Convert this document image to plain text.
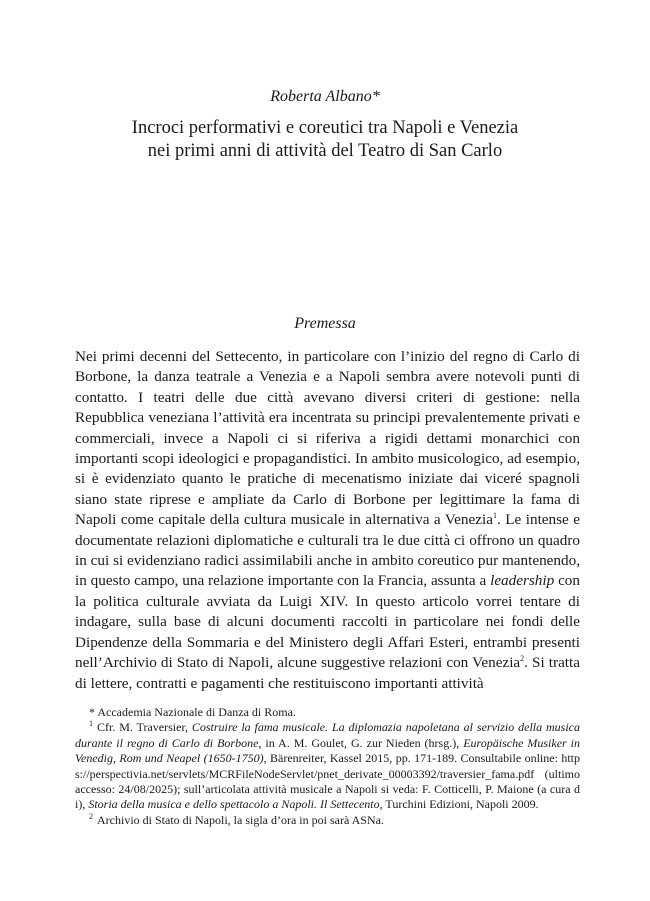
Roberta Albano*
Incroci performativi e coreutici tra Napoli e Venezia
nei primi anni di attività del Teatro di San Carlo
Premessa

Nei primi decenni del Settecento, in particolare con l’inizio del regno di Carlo di Borbone, la danza teatrale a Venezia e a Napoli sembra avere notevoli punti di contatto. I teatri delle due città avevano diversi criteri di gestione: nella Repubblica veneziana l’attività era incentrata su principi prevalentemente privati e commerciali, invece a Napoli ci si riferiva a rigidi dettami monarchici con importanti scopi ideologici e propagandistici. In ambito musicologico, ad esempio, si è evidenziato quanto le pratiche di mecenatismo iniziate dai viceré spagnoli siano state riprese e ampliate da Carlo di Borbone per legittimare la fama di Napoli come capitale della cultura musicale in alternativa a Venezia$^1$. Le intense e documentate relazioni diplomatiche e culturali tra le due città ci offrono un quadro in cui si evidenziano radici assimilabili anche in ambito coreutico pur mantenendo, in questo campo, una relazione importante con la Francia, assunta a leadership con la politica culturale avviata da Luigi XIV. In questo articolo vorrei tentare di indagare, sulla base di alcuni documenti raccolti in particolare nei fondi delle Dipendenze della Sommaria e del Ministero degli Affari Esteri, entrambi presenti nell’Archivio di Stato di Napoli, alcune suggestive relazioni con Venezia$^2$. Si tratta di lettere, contratti e pagamenti che restituiscono importanti attività

* Accademia Nazionale di Danza di Roma.

$^1$ Cfr. M. Traversier, Costruire la fama musicale. La diplomazia napoletana al servizio della musica durante il regno di Carlo di Borbone, in A. M. Goulet, G. zur Nieden (hrsg.), Europäische Musiker in Venedig, Rom und Neapel (1650-1750), Bärenreiter, Kassel 2015, pp. 171-189. Consultabile online: https://perspectivia.net/servlets/MCRFileNodeServlet/pnet_derivate_00003392/traversier_fama.pdf (ultimo accesso: 24/08/2025); sull’articolata attività musicale a Napoli si veda: F. Cotticelli, P. Maione (a cura di), Storia della musica e dello spettacolo a Napoli. Il Settecento, Turchini Edizioni, Napoli 2009.

$^2$ Archivio di Stato di Napoli, la sigla d’ora in poi sarà ASNa.
